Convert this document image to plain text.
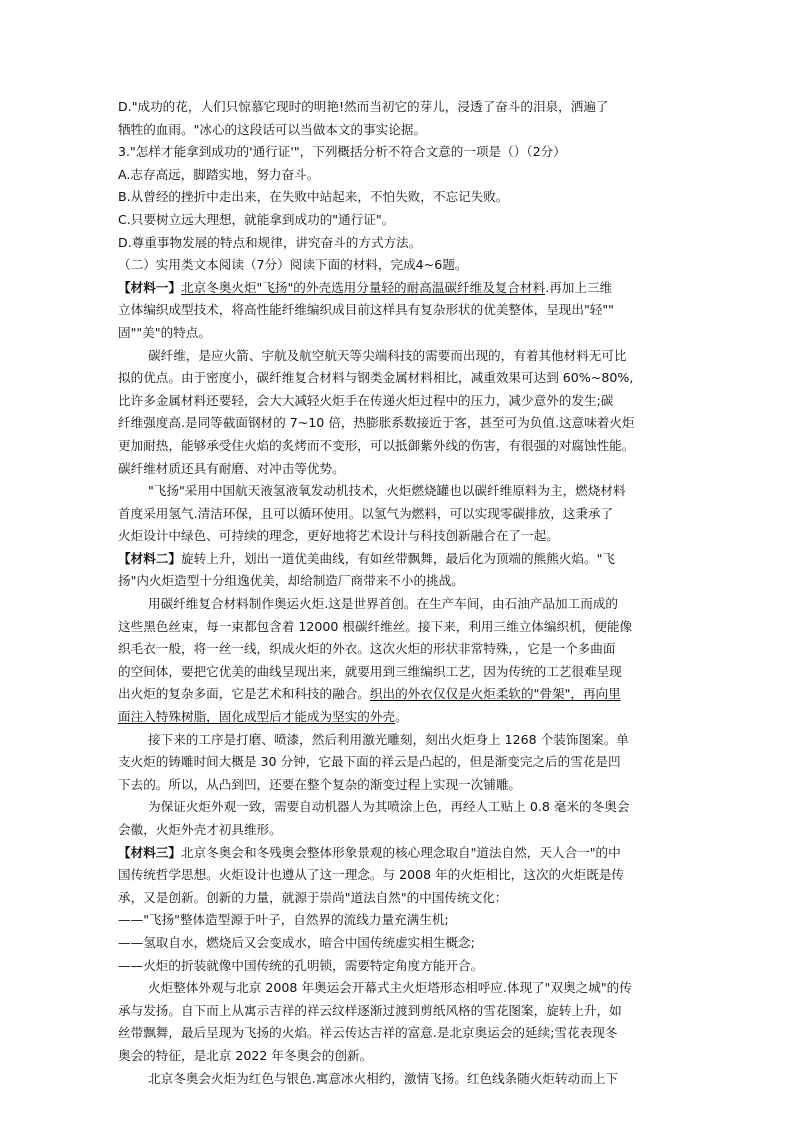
D."成功的花，人们只惊慕它现时的明艳!然而当初它的芽儿，浸透了奋斗的泪泉，洒遍了
牺牲的血雨。"冰心的这段话可以当做本文的事实论据。
3."怎样才能拿到成功的'通行证'"，下列概括分析不符合文意的一项是（）（2分）
A.志存高远，脚踏实地，努力奋斗。
B.从曾经的挫折中走出来，在失败中站起来，不怕失败，不忘记失败。
C.只要树立远大理想，就能拿到成功的"通行证"。
D.尊重事物发展的特点和规律，讲究奋斗的方式方法。
（二）实用类文本阅读（7分）阅读下面的材料，完成4~6题。
【材料一】北京冬奥火炬"飞扬"的外壳选用分量轻的耐高温碳纤维及复合材料.再加上三维
立体编织成型技术，将高性能纤维编织成目前这样具有复杂形状的优美整体，呈现出"轻""
固""美"的特点。
碳纤维，是应火箭、宇航及航空航天等尖端科技的需要而出现的，有着其他材料无可比
拟的优点。由于密度小，碳纤维复合材料与钢类金属材料相比，减重效果可达到 60%~80%,
比许多金属材料还要轻，会大大减轻火炬手在传递火炬过程中的压力，减少意外的发生;碳
纤维强度高.是同等截面钢材的 7~10 倍，热膨胀系数接近于客，甚至可为负值.这意味着火炬
更加耐热，能够承受住火焰的炙烤而不变形，可以抵御紫外线的伤害，有很强的对腐蚀性能。
碳纤维材质还具有耐磨、对冲击等优势。
"飞扬"采用中国航天液氢液氧发动机技术，火炬燃烧罐也以碳纤维原料为主，燃烧材料
首度采用氢气.清洁环保，且可以循环使用。以氢气为燃料，可以实现零碳排放，这秉承了
火炬设计中绿色、可持续的理念，更好地将艺术设计与科技创新融合在了一起。
【材料二】旋转上升，划出一道优美曲线，有如丝带飘舞，最后化为顶端的熊熊火焰。"飞
扬"内火炬造型十分组逸优美，却给制造厂商带来不小的挑战。
用碳纤维复合材料制作奥运火炬.这是世界首创。在生产车间，由石油产品加工而成的
这些黑色丝束，每一束都包含着 12000 根碳纤维丝。接下来，利用三维立体编织机，便能像
织毛衣一般，将一丝一线，织成火炬的外衣。这次火炬的形状非常特殊，，它是一个多曲面
的空间体，要把它优美的曲线呈现出来，就要用到三维编织工艺，因为传统的工艺很难呈现
出火炬的复杂多面，它是艺术和科技的融合。织出的外衣仅仅是火炬柔软的"骨架"，再向里
面注入特殊树脂，固化成型后才能成为坚实的外壳。
接下来的工序是打磨、喷漆，然后利用激光雕刻，刻出火炬身上 1268 个装饰图案。单
支火炬的铸雕时间大概是 30 分钟，它最下面的祥云是凸起的，但是渐变完之后的雪花是凹
下去的。所以，从凸到凹，还要在整个复杂的渐变过程上实现一次铺雕。
为保证火炬外观一致，需要自动机器人为其喷涂上色，再经人工贴上 0.8 毫米的冬奥会
会徽，火炬外壳才初具维形。
【材料三】北京冬奥会和冬残奥会整体形象景观的核心理念取自"道法自然，天人合一"的中
国传统哲学思想。火炬设计也遵从了这一理念。与 2008 年的火炬相比，这次的火炬既是传
承，又是创新。创新的力量，就源于崇尚"道法自然"的中国传统文化：
——"飞扬"整体造型源于叶子，自然界的流线力量充满生机;
——氢取自水，燃烧后又会变成水，暗合中国传统虚实相生概念;
——火炬的折装就像中国传统的孔明锁，需要特定角度方能开合。
火炬整体外观与北京 2008 年奥运会开幕式主火炬塔形态相呼应.体现了"双奥之城"的传
承与发扬。自下而上从寓示吉祥的祥云纹样逐渐过渡到剪纸风格的雪花图案，旋转上升，如
丝带飘舞，最后呈现为飞扬的火焰。祥云传达吉祥的富意.是北京奥运会的延续;雪花表现冬
奥会的特征，是北京 2022 年冬奥会的创新。
北京冬奥会火炬为红色与银色.寓意冰火相约，激情飞扬。红色线条随火炬转动而上下
